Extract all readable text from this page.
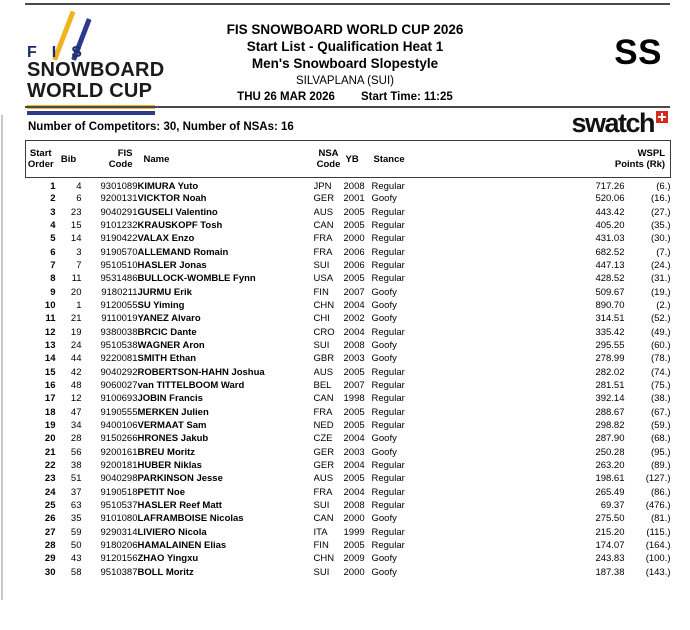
F I S
SNOWBOARD
WORLD CUP
FIS SNOWBOARD WORLD CUP 2026
Start List - Qualification Heat 1
Men's Snowboard Slopestyle
SILVAPLANA (SUI)
THU 26 MAR 2026 Start Time: 11:25
SS
Number of Competitors: 30, Number of NSAs: 16	swatch
Start
Order	Bib	FIS
Code	Name	NSA
Code	YB	Stance	WSPL
Points (Rk)

1	4	9301089	KIMURA Yuto	JPN	2008	Regular	717.26	(6.)
2	6	9200131	VICKTOR Noah	GER	2001	Goofy	520.06	(16.)
3	23	9040291	GUSELI Valentino	AUS	2005	Regular	443.42	(27.)
4	15	9101232	KRAUSKOPF Tosh	CAN	2005	Regular	405.20	(35.)
5	14	9190422	VALAX Enzo	FRA	2000	Regular	431.03	(30.)
6	3	9190570	ALLEMAND Romain	FRA	2006	Regular	682.52	(7.)
7	7	9510510	HASLER Jonas	SUI	2006	Regular	447.13	(24.)
8	11	9531486	BULLOCK-WOMBLE Fynn	USA	2005	Regular	428.52	(31.)
9	20	9180211	JURMU Erik	FIN	2007	Goofy	509.67	(19.)
10	1	9120055	SU Yiming	CHN	2004	Goofy	890.70	(2.)
11	21	9110019	YANEZ Alvaro	CHI	2002	Goofy	314.51	(52.)
12	19	9380038	BRCIC Dante	CRO	2004	Regular	335.42	(49.)
13	24	9510538	WAGNER Aron	SUI	2008	Goofy	295.55	(60.)
14	44	9220081	SMITH Ethan	GBR	2003	Goofy	278.99	(78.)
15	42	9040292	ROBERTSON-HAHN Joshua	AUS	2005	Regular	282.02	(74.)
16	48	9060027	van TITTELBOOM Ward	BEL	2007	Regular	281.51	(75.)
17	12	9100693	JOBIN Francis	CAN	1998	Regular	392.14	(38.)
18	47	9190555	MERKEN Julien	FRA	2005	Regular	288.67	(67.)
19	34	9400106	VERMAAT Sam	NED	2005	Regular	298.82	(59.)
20	28	9150266	HRONES Jakub	CZE	2004	Goofy	287.90	(68.)
21	56	9200161	BREU Moritz	GER	2003	Goofy	250.28	(95.)
22	38	9200181	HUBER Niklas	GER	2004	Regular	263.20	(89.)
23	51	9040298	PARKINSON Jesse	AUS	2005	Regular	198.61	(127.)
24	37	9190518	PETIT Noe	FRA	2004	Regular	265.49	(86.)
25	63	9510537	HASLER Reef Matt	SUI	2008	Regular	69.37	(476.)
26	35	9101080	LAFRAMBOISE Nicolas	CAN	2000	Goofy	275.50	(81.)
27	59	9290314	LIVIERO Nicola	ITA	1999	Regular	215.20	(115.)
28	50	9180206	HAMALAINEN Elias	FIN	2005	Regular	174.07	(164.)
29	43	9120156	ZHAO Yingxu	CHN	2009	Goofy	243.83	(100.)
30	58	9510387	BOLL Moritz	SUI	2000	Goofy	187.38	(143.)
